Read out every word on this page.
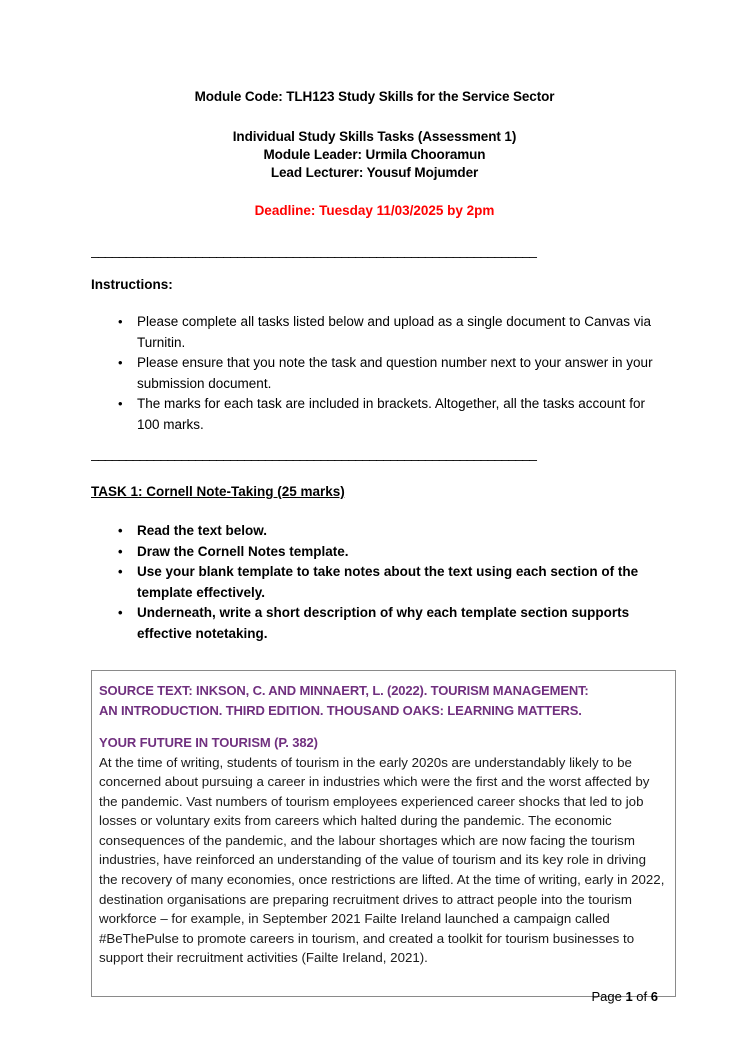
Module Code: TLH123 Study Skills for the Service Sector
Individual Study Skills Tasks (Assessment 1)
Module Leader: Urmila Chooramun
Lead Lecturer: Yousuf Mojumder
Deadline: Tuesday 11/03/2025 by 2pm
________________________________________________________________
Instructions:
• Please complete all tasks listed below and upload as a single document to Canvas via Turnitin.
• Please ensure that you note the task and question number next to your answer in your submission document.
• The marks for each task are included in brackets. Altogether, all the tasks account for 100 marks.
________________________________________________________________
TASK 1: Cornell Note-Taking (25 marks)
• Read the text below.
• Draw the Cornell Notes template.
• Use your blank template to take notes about the text using each section of the template effectively.
• Underneath, write a short description of why each template section supports effective notetaking.
SOURCE TEXT: INKSON, C. AND MINNAERT, L. (2022). TOURISM MANAGEMENT:
AN INTRODUCTION. THIRD EDITION. THOUSAND OAKS: LEARNING MATTERS.
YOUR FUTURE IN TOURISM (P. 382)
At the time of writing, students of tourism in the early 2020s are understandably likely to be concerned about pursuing a career in industries which were the first and the worst affected by the pandemic. Vast numbers of tourism employees experienced career shocks that led to job losses or voluntary exits from careers which halted during the pandemic. The economic consequences of the pandemic, and the labour shortages which are now facing the tourism industries, have reinforced an understanding of the value of tourism and its key role in driving the recovery of many economies, once restrictions are lifted. At the time of writing, early in 2022, destination organisations are preparing recruitment drives to attract people into the tourism workforce – for example, in September 2021 Failte Ireland launched a campaign called #BeThePulse to promote careers in tourism, and created a toolkit for tourism businesses to support their recruitment activities (Failte Ireland, 2021).
Page 1 of 6
